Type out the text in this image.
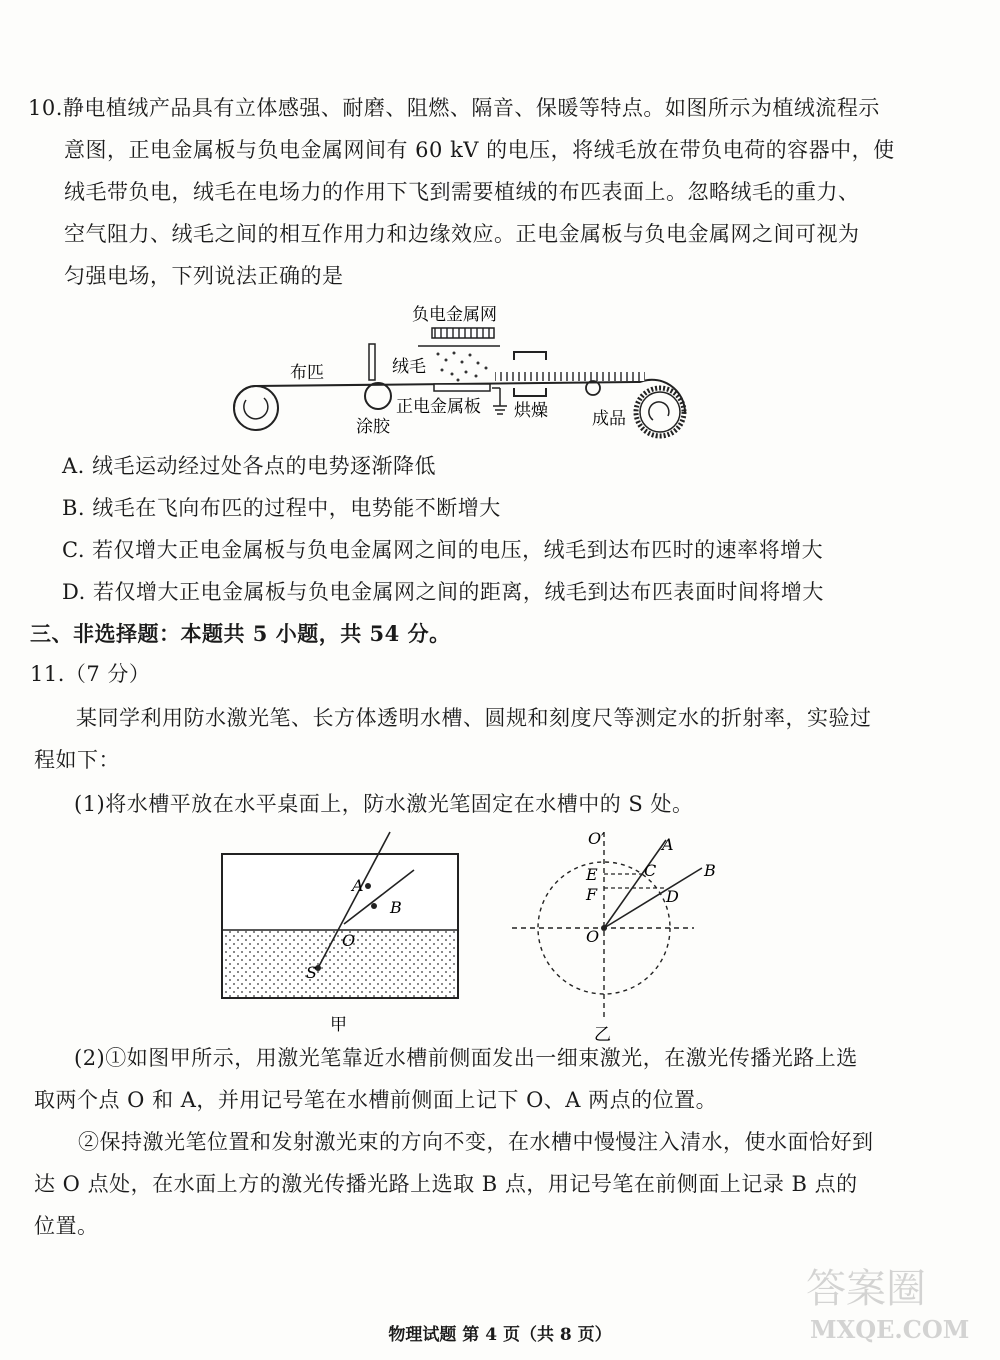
10.静电植绒产品具有立体感强、耐磨、阻燃、隔音、保暖等特点。如图所示为植绒流程示
意图，正电金属板与负电金属网间有 60 kV 的电压，将绒毛放在带负电荷的容器中，使
绒毛带负电，绒毛在电场力的作用下飞到需要植绒的布匹表面上。忽略绒毛的重力、
空气阻力、绒毛之间的相互作用力和边缘效应。正电金属板与负电金属网之间可视为
匀强电场，下列说法正确的是
负电金属网
布匹	绒毛
涂胶
正电金属板 烘燥	成品
A. 绒毛运动经过处各点的电势逐渐降低
B. 绒毛在飞向布匹的过程中，电势能不断增大
C. 若仅增大正电金属板与负电金属网之间的电压，绒毛到达布匹时的速率将增大
D. 若仅增大正电金属板与负电金属网之间的距离，绒毛到达布匹表面时间将增大
三、非选择题：本题共 5 小题，共 54 分。
11.（7 分）
某同学利用防水激光笔、长方体透明水槽、圆规和刻度尺等测定水的折射率，实验过
程如下：
(1)将水槽平放在水平桌面上，防水激光笔固定在水槽中的 S 处。
A
B
O
S
甲
O′	A
B
C
D
E
F
O
乙
(2)①如图甲所示，用激光笔靠近水槽前侧面发出一细束激光，在激光传播光路上选
取两个点 O 和 A，并用记号笔在水槽前侧面上记下 O、A 两点的位置。
②保持激光笔位置和发射激光束的方向不变，在水槽中慢慢注入清水，使水面恰好到
达 O 点处，在水面上方的激光传播光路上选取 B 点，用记号笔在前侧面上记录 B 点的
位置。
物理试题 第 4 页（共 8 页）
答案圈
MXQE.COM
